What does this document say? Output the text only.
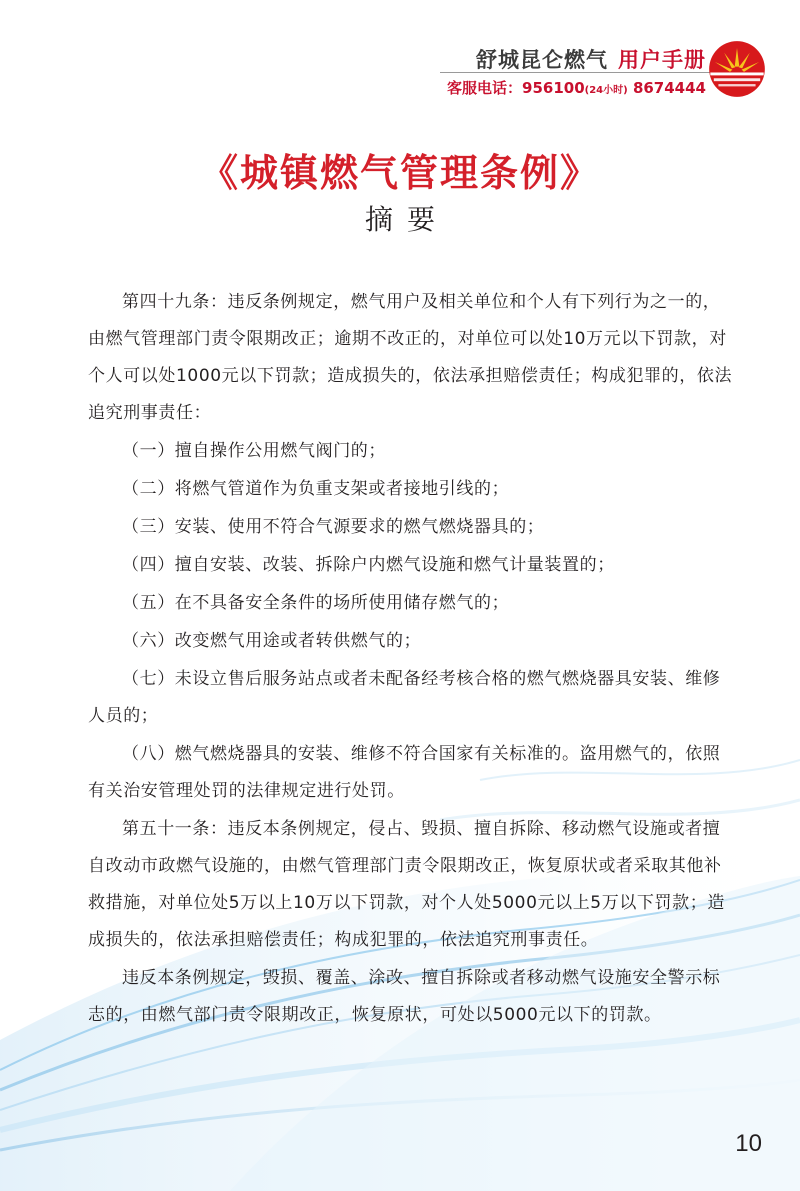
舒城昆仑燃气 用户手册
客服电话：956100(24小时) 8674444
《城镇燃气管理条例》
摘要

第四十九条：违反条例规定，燃气用户及相关单位和个人有下列行为之一的，由燃气管理部门责令限期改正；逾期不改正的，对单位可以处10万元以下罚款，对个人可以处1000元以下罚款；造成损失的，依法承担赔偿责任；构成犯罪的，依法追究刑事责任：

（一）擅自操作公用燃气阀门的；

（二）将燃气管道作为负重支架或者接地引线的；

（三）安装、使用不符合气源要求的燃气燃烧器具的；

（四）擅自安装、改装、拆除户内燃气设施和燃气计量装置的；

（五）在不具备安全条件的场所使用储存燃气的；

（六）改变燃气用途或者转供燃气的；

（七）未设立售后服务站点或者未配备经考核合格的燃气燃烧器具安装、维修人员的；

（八）燃气燃烧器具的安装、维修不符合国家有关标准的。盗用燃气的，依照有关治安管理处罚的法律规定进行处罚。

第五十一条：违反本条例规定，侵占、毁损、擅自拆除、移动燃气设施或者擅自改动市政燃气设施的，由燃气管理部门责令限期改正，恢复原状或者采取其他补救措施，对单位处5万以上10万以下罚款，对个人处5000元以上5万以下罚款；造成损失的，依法承担赔偿责任；构成犯罪的，依法追究刑事责任。

违反本条例规定，毁损、覆盖、涂改、擅自拆除或者移动燃气设施安全警示标志的，由燃气部门责令限期改正，恢复原状，可处以5000元以下的罚款。

10
